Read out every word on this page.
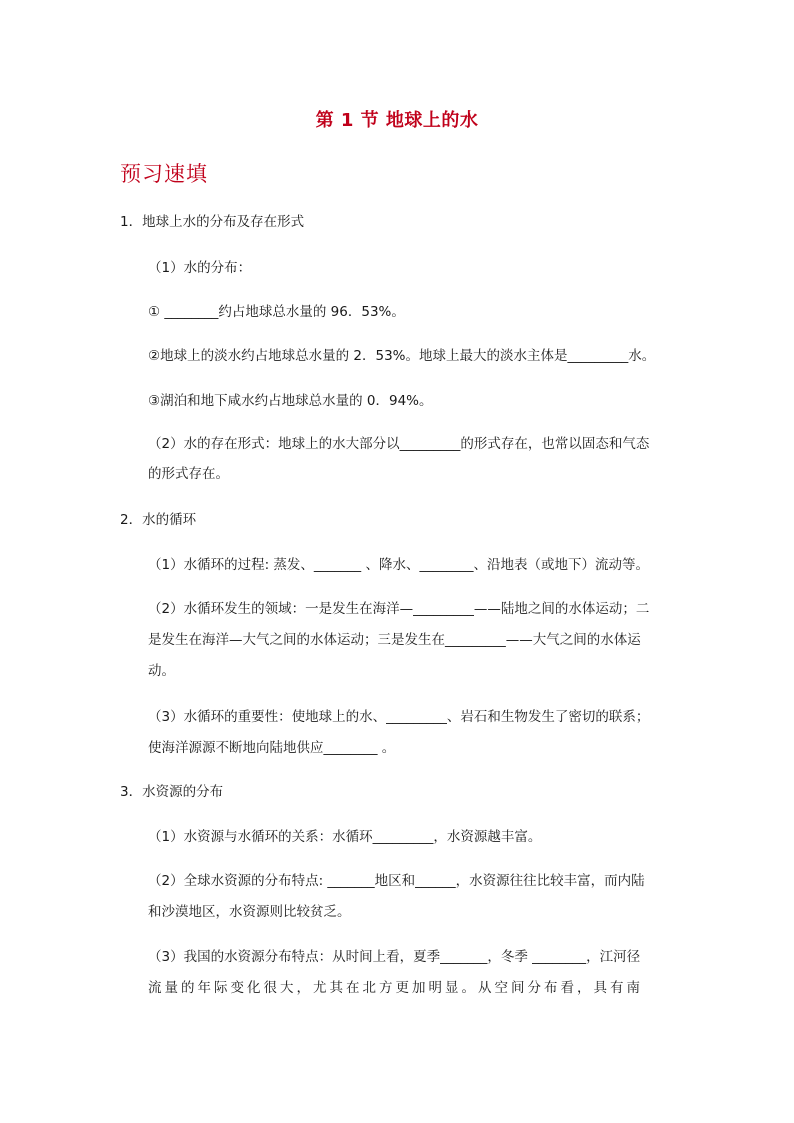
第 1 节 地球上的水
预习速填
1．地球上水的分布及存在形式
（1）水的分布：
① ________约占地球总水量的 96．53%。
②地球上的淡水约占地球总水量的 2．53%。地球上最大的淡水主体是_________水。
③湖泊和地下咸水约占地球总水量的 0．94%。
（2）水的存在形式：地球上的水大部分以_________的形式存在，也常以固态和气态
的形式存在。
2．水的循环
（1）水循环的过程: 蒸发、_______ 、降水、________、沿地表（或地下）流动等。
（2）水循环发生的领域：一是发生在海洋—_________——陆地之间的水体运动；二
是发生在海洋—大气之间的水体运动；三是发生在_________——大气之间的水体运
动。
（3）水循环的重要性：使地球上的水、_________、岩石和生物发生了密切的联系；
使海洋源源不断地向陆地供应________ 。
3．水资源的分布
（1）水资源与水循环的关系：水循环_________，水资源越丰富。
（2）全球水资源的分布特点: _______地区和______，水资源往往比较丰富，而内陆
和沙漠地区，水资源则比较贫乏。
（3）我国的水资源分布特点：从时间上看，夏季_______，冬季 ________，江河径
流量的年际变化很大，尤其在北方更加明显。从空间分布看，具有南
